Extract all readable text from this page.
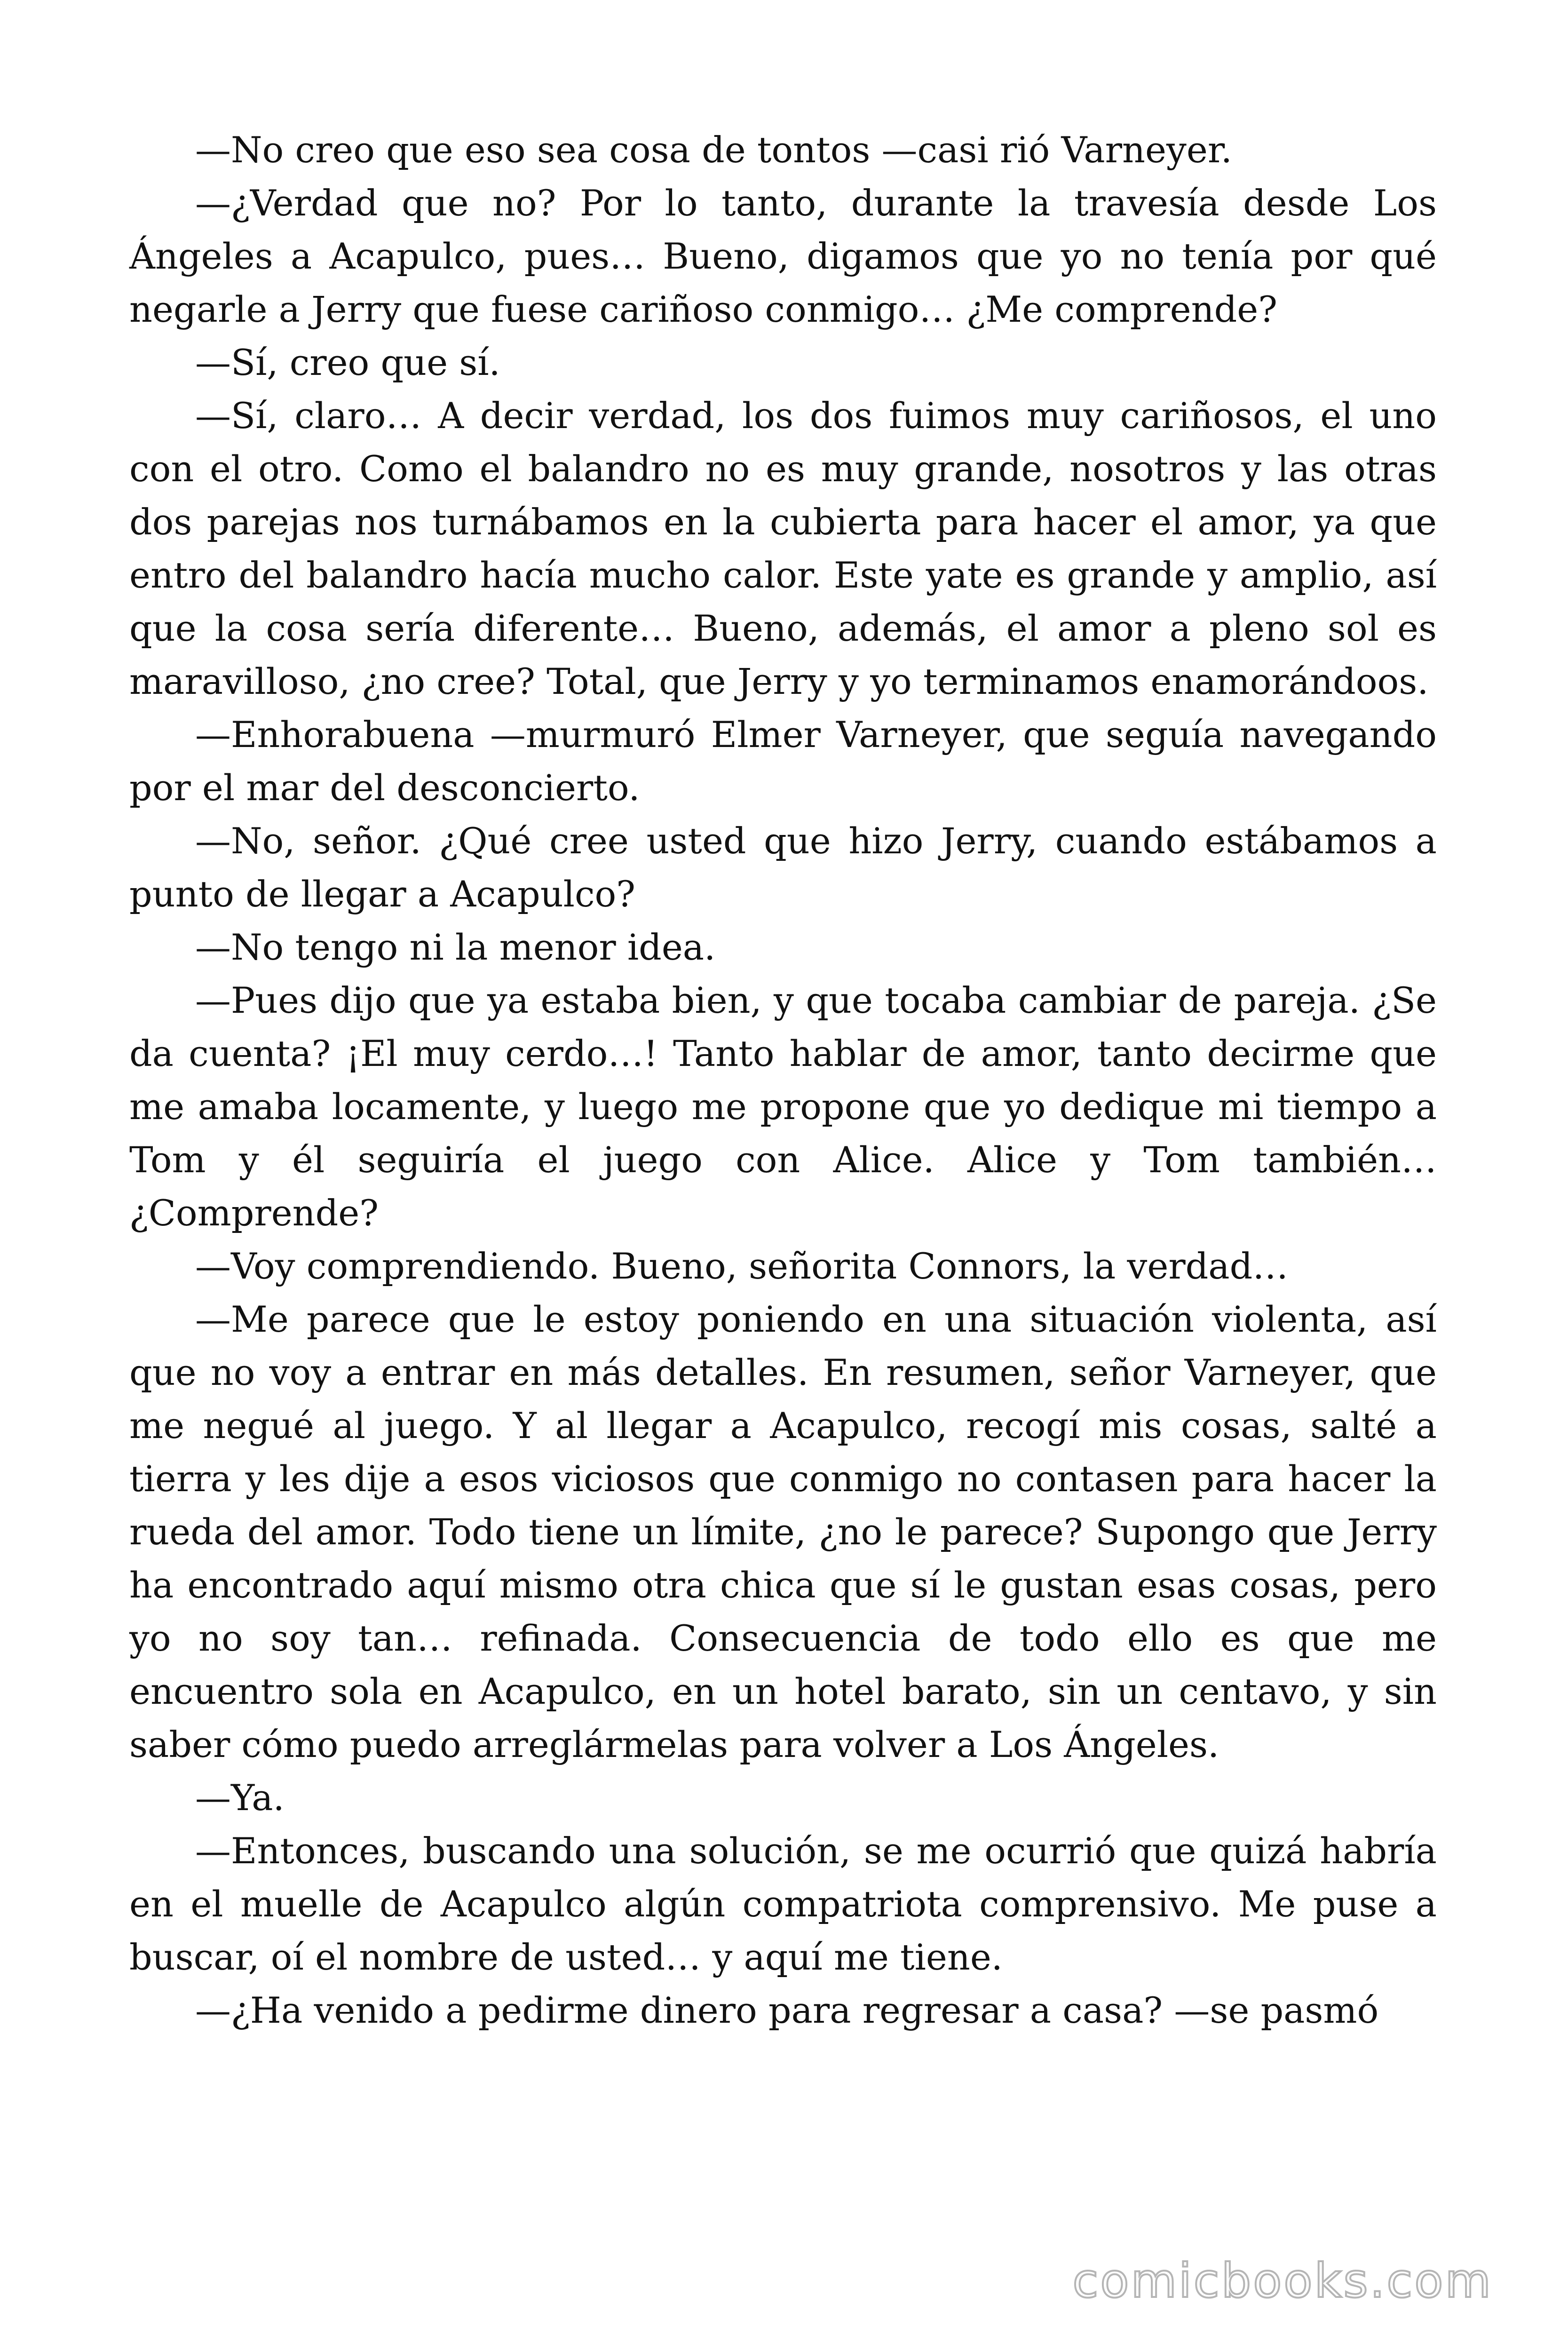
—No creo que eso sea cosa de tontos —casi rió Varneyer.

—¿Verdad que no? Por lo tanto, durante la travesía desde Los Ángeles a Acapulco, pues… Bueno, digamos que yo no tenía por qué negarle a Jerry que fuese cariñoso conmigo… ¿Me comprende?

—Sí, creo que sí.

—Sí, claro… A decir verdad, los dos fuimos muy cariñosos, el uno con el otro. Como el balandro no es muy grande, nosotros y las otras dos parejas nos turnábamos en la cubierta para hacer el amor, ya que entro del balandro hacía mucho calor. Este yate es grande y amplio, así que la cosa sería diferente… Bueno, además, el amor a pleno sol es maravilloso, ¿no cree? Total, que Jerry y yo terminamos enamorándoos.

—Enhorabuena —murmuró Elmer Varneyer, que seguía navegando por el mar del desconcierto.

—No, señor. ¿Qué cree usted que hizo Jerry, cuando estábamos a punto de llegar a Acapulco?

—No tengo ni la menor idea.

—Pues dijo que ya estaba bien, y que tocaba cambiar de pareja. ¿Se da cuenta? ¡El muy cerdo…! Tanto hablar de amor, tanto decirme que me amaba locamente, y luego me propone que yo dedique mi tiempo a Tom y él seguiría el juego con Alice. Alice y Tom también… ¿Comprende?

—Voy comprendiendo. Bueno, señorita Connors, la verdad…

—Me parece que le estoy poniendo en una situación violenta, así que no voy a entrar en más detalles. En resumen, señor Varneyer, que me negué al juego. Y al llegar a Acapulco, recogí mis cosas, salté a tierra y les dije a esos viciosos que conmigo no contasen para hacer la rueda del amor. Todo tiene un límite, ¿no le parece? Supongo que Jerry ha encontrado aquí mismo otra chica que sí le gustan esas cosas, pero yo no soy tan… refinada. Consecuencia de todo ello es que me encuentro sola en Acapulco, en un hotel barato, sin un centavo, y sin saber cómo puedo arreglármelas para volver a Los Ángeles.

—Ya.

—Entonces, buscando una solución, se me ocurrió que quizá habría en el muelle de Acapulco algún compatriota comprensivo. Me puse a buscar, oí el nombre de usted… y aquí me tiene.

—¿Ha venido a pedirme dinero para regresar a casa? —se pasmó

comicbooks.com
